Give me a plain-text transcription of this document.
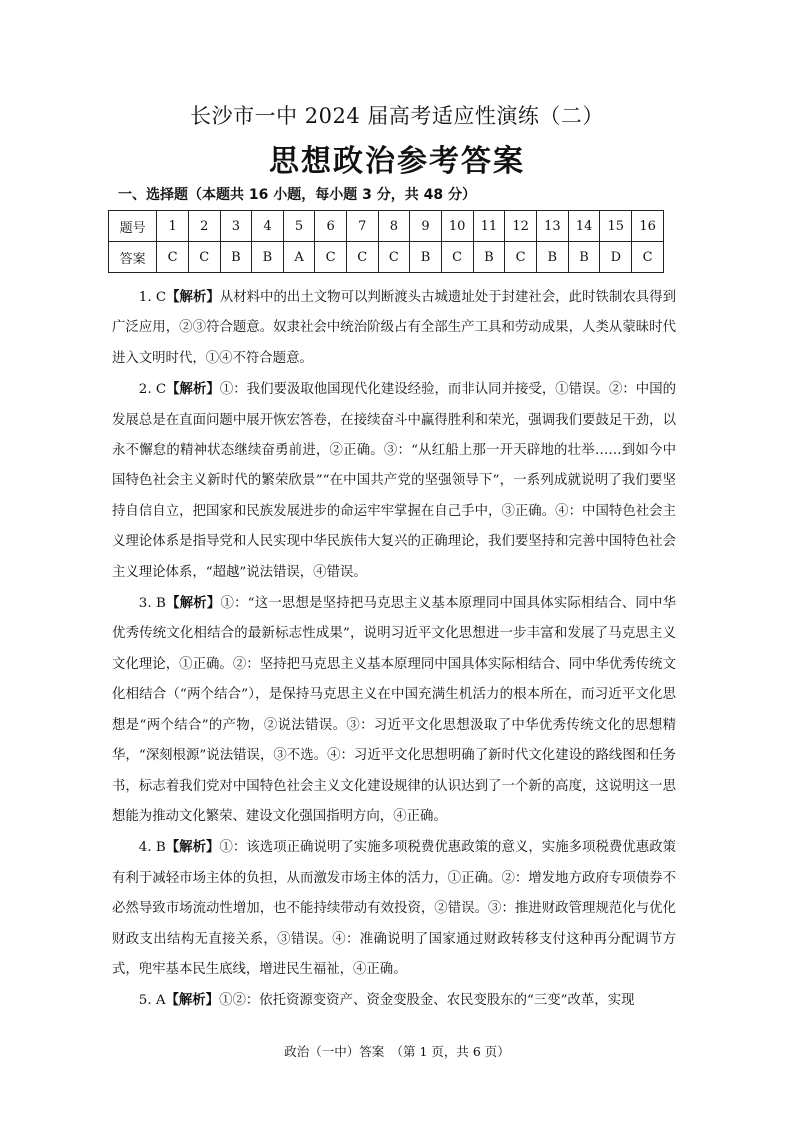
长沙市一中 2024 届高考适应性演练（二）
思想政治参考答案
一、选择题（本题共 16 小题，每小题 3 分，共 48 分）
题号	1	2	3	4	5	6	7	8	9	10	11	12	13	14	15	16
答案	C	C	B	B	A	C	C	C	B	C	B	C	B	B	D	C

1. C【解析】从材料中的出土文物可以判断渡头古城遗址处于封建社会，此时铁制农具得到广泛应用，②③符合题意。奴隶社会中统治阶级占有全部生产工具和劳动成果，人类从蒙昧时代进入文明时代，①④不符合题意。

2. C【解析】①：我们要汲取他国现代化建设经验，而非认同并接受，①错误。②：中国的发展总是在直面问题中展开恢宏答卷，在接续奋斗中赢得胜利和荣光，强调我们要鼓足干劲，以永不懈怠的精神状态继续奋勇前进，②正确。③：“从红船上那一开天辟地的壮举……到如今中国特色社会主义新时代的繁荣欣景”“在中国共产党的坚强领导下”，一系列成就说明了我们要坚持自信自立，把国家和民族发展进步的命运牢牢掌握在自己手中，③正确。④：中国特色社会主义理论体系是指导党和人民实现中华民族伟大复兴的正确理论，我们要坚持和完善中国特色社会主义理论体系，“超越”说法错误，④错误。

3. B【解析】①：“这一思想是坚持把马克思主义基本原理同中国具体实际相结合、同中华优秀传统文化相结合的最新标志性成果”，说明习近平文化思想进一步丰富和发展了马克思主义文化理论，①正确。②：坚持把马克思主义基本原理同中国具体实际相结合、同中华优秀传统文化相结合（“两个结合”），是保持马克思主义在中国充满生机活力的根本所在，而习近平文化思想是“两个结合”的产物，②说法错误。③：习近平文化思想汲取了中华优秀传统文化的思想精华，“深刻根源”说法错误，③不选。④：习近平文化思想明确了新时代文化建设的路线图和任务书，标志着我们党对中国特色社会主义文化建设规律的认识达到了一个新的高度，这说明这一思想能为推动文化繁荣、建设文化强国指明方向，④正确。

4. B【解析】①：该选项正确说明了实施多项税费优惠政策的意义，实施多项税费优惠政策有利于减轻市场主体的负担，从而激发市场主体的活力，①正确。②：增发地方政府专项债券不必然导致市场流动性增加，也不能持续带动有效投资，②错误。③：推进财政管理规范化与优化财政支出结构无直接关系，③错误。④：准确说明了国家通过财政转移支付这种再分配调节方式，兜牢基本民生底线，增进民生福祉，④正确。

5. A【解析】①②：依托资源变资产、资金变股金、农民变股东的“三变”改革，实现

政治（一中）答案　（第 1 页，共 6 页）
